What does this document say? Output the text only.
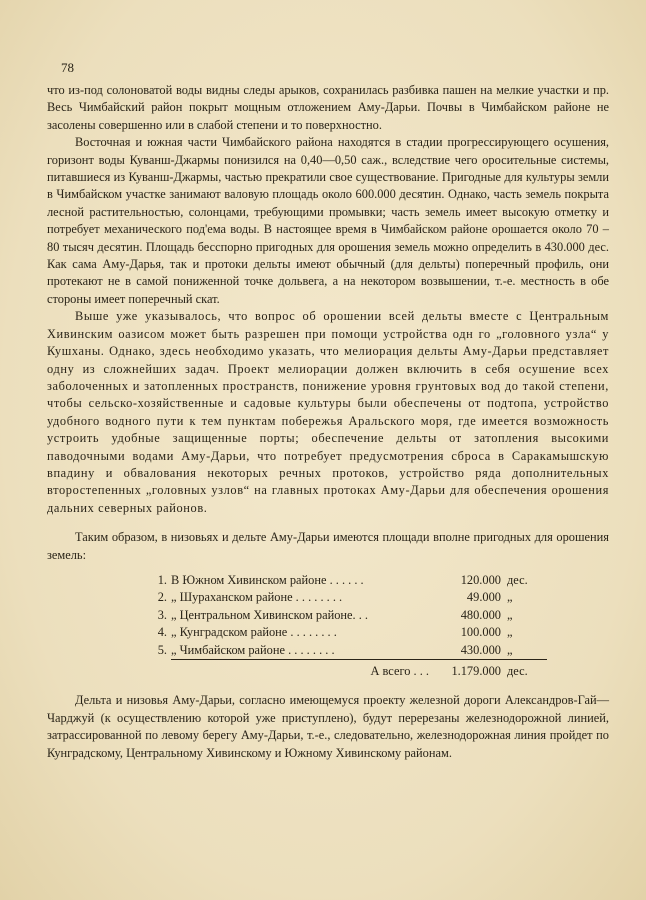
78

что из-под солоноватой воды видны следы арыков, сохранилась разбивка пашен на мелкие участки и пр. Весь Чимбайский район покрыт мощным отложением Аму-Дарьи. Почвы в Чимбайском районе не засолены совершенно или в слабой степени и то поверхностно.

Восточная и южная части Чимбайского района находятся в стадии прогрессирующего осушения, горизонт воды Куванш-Джармы понизился на 0,40—0,50 саж., вследствие чего оросительные системы, питавшиеся из Куванш-Джармы, частью прекратили свое существование. Пригодные для культуры земли в Чимбайском участке занимают валовую площадь около 600.000 десятин. Однако, часть земель покрыта лесной растительностью, солонцами, требующими промывки; часть земель имеет высокую отметку и потребует механического под'ема воды. В настоящее время в Чимбайском районе орошается около 70 – 80 тысяч десятин. Площадь бесспорно пригодных для орошения земель можно определить в 430.000 дес. Как сама Аму-Дарья, так и протоки дельты имеют обычный (для дельты) поперечный профиль, они протекают не в самой пониженной точке дольвега, а на некотором возвышении, т.-е. местность в обе стороны имеет поперечный скат.

Выше уже указывалось, что вопрос об орошении всей дельты вместе с Центральным Хивинским оазисом может быть разрешен при помощи устройства одн го „головного узла“ у Кушханы. Однако, здесь необходимо указать, что мелиорация дельты Аму-Дарьи представляет одну из сложнейших задач. Проект мелиорации должен включить в себя осушение всех заболоченных и затопленных пространств, понижение уровня грунтовых вод до такой степени, чтобы сельско-хозяйственные и садовые культуры были обеспечены от подтопа, устройство удобного водного пути к тем пунктам побережья Аральского моря, где имеется возможность устроить удобные защищенные порты; обеспечение дельты от затопления высокими паводочными водами Аму-Дарьи, что потребует предусмотрения сброса в Саракамышскую впадину и обвалования некоторых речных протоков, устройство ряда дополнительных второстепенных „головных узлов“ на главных протоках Аму-Дарьи для обеспечения орошения дальних северных районов.

Таким образом, в низовьях и дельте Аму-Дарьи имеются площади вполне пригодных для орошения земель:

1.	В Южном Хивинском районе . . . . . .	120.000	дес.
2.	„ Шураханском районе . . . . . . . .	49.000	„
3.	„ Центральном Хивинском районе. . .	480.000	„
4.	„ Кунградском районе . . . . . . . .	100.000	„
5.	„ Чимбайском районе . . . . . . . .	430.000	„
	А всего . . .	1.179.000	дес.

Дельта и низовья Аму-Дарьи, согласно имеющемуся проекту железной дороги Александров-Гай—Чарджуй (к осуществлению которой уже приступлено), будут перерезаны железнодорожной линией, затрассированной по левому берегу Аму-Дарьи, т.-е., следовательно, железнодорожная линия пройдет по Кунградскому, Центральному Хивинскому и Южному Хивинскому районам.
